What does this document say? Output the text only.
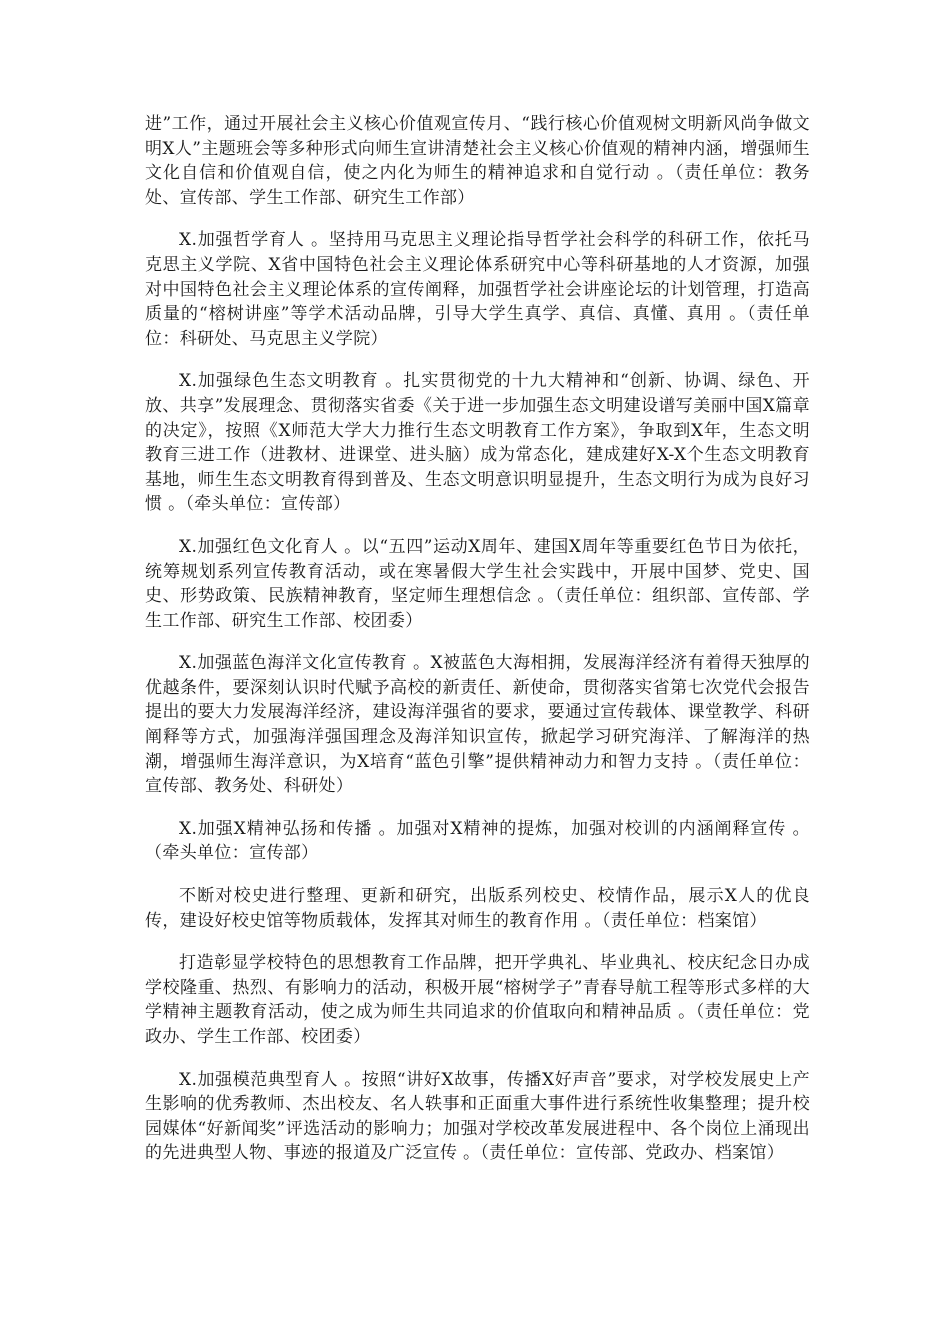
进”工作，通过开展社会主义核心价值观宣传月、“践行核心价值观树文明新风尚争做文明X人”主题班会等多种形式向师生宣讲清楚社会主义核心价值观的精神内涵，增强师生文化自信和价值观自信，使之内化为师生的精神追求和自觉行动 。（责任单位：教务处、宣传部、学生工作部、研究生工作部）

X.加强哲学育人 。坚持用马克思主义理论指导哲学社会科学的科研工作，依托马克思主义学院、X省中国特色社会主义理论体系研究中心等科研基地的人才资源，加强对中国特色社会主义理论体系的宣传阐释，加强哲学社会讲座论坛的计划管理，打造高质量的“榕树讲座”等学术活动品牌，引导大学生真学、真信、真懂、真用 。（责任单位：科研处、马克思主义学院）

X.加强绿色生态文明教育 。扎实贯彻党的十九大精神和“创新、协调、绿色、开放、共享”发展理念、贯彻落实省委《关于进一步加强生态文明建设谱写美丽中国X篇章的决定》，按照《X师范大学大力推行生态文明教育工作方案》，争取到X年，生态文明教育三进工作（进教材、进课堂、进头脑）成为常态化，建成建好X-X个生态文明教育基地，师生生态文明教育得到普及、生态文明意识明显提升，生态文明行为成为良好习惯 。（牵头单位：宣传部）

X.加强红色文化育人 。以“五四”运动X周年、建国X周年等重要红色节日为依托，统筹规划系列宣传教育活动，或在寒暑假大学生社会实践中，开展中国梦、党史、国史、形势政策、民族精神教育，坚定师生理想信念 。（责任单位：组织部、宣传部、学生工作部、研究生工作部、校团委）

X.加强蓝色海洋文化宣传教育 。X被蓝色大海相拥，发展海洋经济有着得天独厚的优越条件，要深刻认识时代赋予高校的新责任、新使命，贯彻落实省第七次党代会报告提出的要大力发展海洋经济，建设海洋强省的要求，要通过宣传载体、课堂教学、科研阐释等方式，加强海洋强国理念及海洋知识宣传，掀起学习研究海洋、了解海洋的热潮，增强师生海洋意识，为X培育“蓝色引擎”提供精神动力和智力支持 。（责任单位：宣传部、教务处、科研处）

X.加强X精神弘扬和传播 。加强对X精神的提炼，加强对校训的内涵阐释宣传 。（牵头单位：宣传部）

不断对校史进行整理、更新和研究，出版系列校史、校情作品，展示X人的优良传，建设好校史馆等物质载体，发挥其对师生的教育作用 。（责任单位：档案馆）

打造彰显学校特色的思想教育工作品牌，把开学典礼、毕业典礼、校庆纪念日办成学校隆重、热烈、有影响力的活动，积极开展“榕树学子”青春导航工程等形式多样的大学精神主题教育活动，使之成为师生共同追求的价值取向和精神品质 。（责任单位：党政办、学生工作部、校团委）

X.加强模范典型育人 。按照“讲好X故事，传播X好声音”要求，对学校发展史上产生影响的优秀教师、杰出校友、名人轶事和正面重大事件进行系统性收集整理；提升校园媒体“好新闻奖”评选活动的影响力；加强对学校改革发展进程中、各个岗位上涌现出的先进典型人物、事迹的报道及广泛宣传 。（责任单位：宣传部、党政办、档案馆）
